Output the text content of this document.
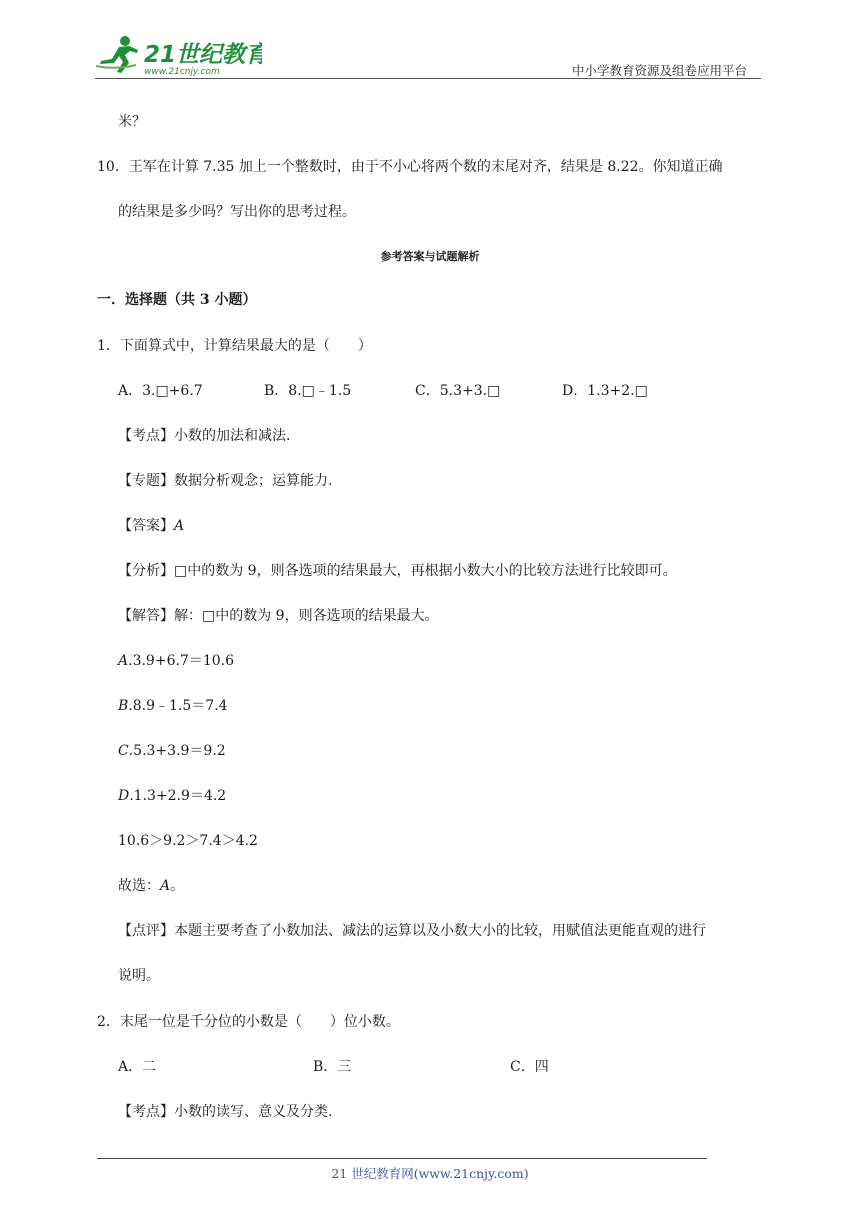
21世纪教育
www.21cnjy.com	中小学教育资源及组卷应用平台
米？
10．王军在计算 7.35 加上一个整数时，由于不小心将两个数的末尾对齐，结果是 8.22。你知道正确
的结果是多少吗？写出你的思考过程。
参考答案与试题解析
一．选择题（共 3 小题）
1．下面算式中，计算结果最大的是（　　）
A．3.□+6.7	B．8.□﹣1.5	C．5.3+3.□	D．1.3+2.□
【考点】小数的加法和减法.
【专题】数据分析观念；运算能力.
【答案】A
【分析】□中的数为 9，则各选项的结果最大，再根据小数大小的比较方法进行比较即可。
【解答】解：□中的数为 9，则各选项的结果最大。
A.3.9+6.7＝10.6
B.8.9﹣1.5＝7.4
C.5.3+3.9＝9.2
D.1.3+2.9＝4.2
10.6＞9.2＞7.4＞4.2
故选：A。
【点评】本题主要考查了小数加法、减法的运算以及小数大小的比较，用赋值法更能直观的进行
说明。
2．末尾一位是千分位的小数是（　　）位小数。
A．二	B．三	C．四
【考点】小数的读写、意义及分类.
21 世纪教育网(www.21cnjy.com)
